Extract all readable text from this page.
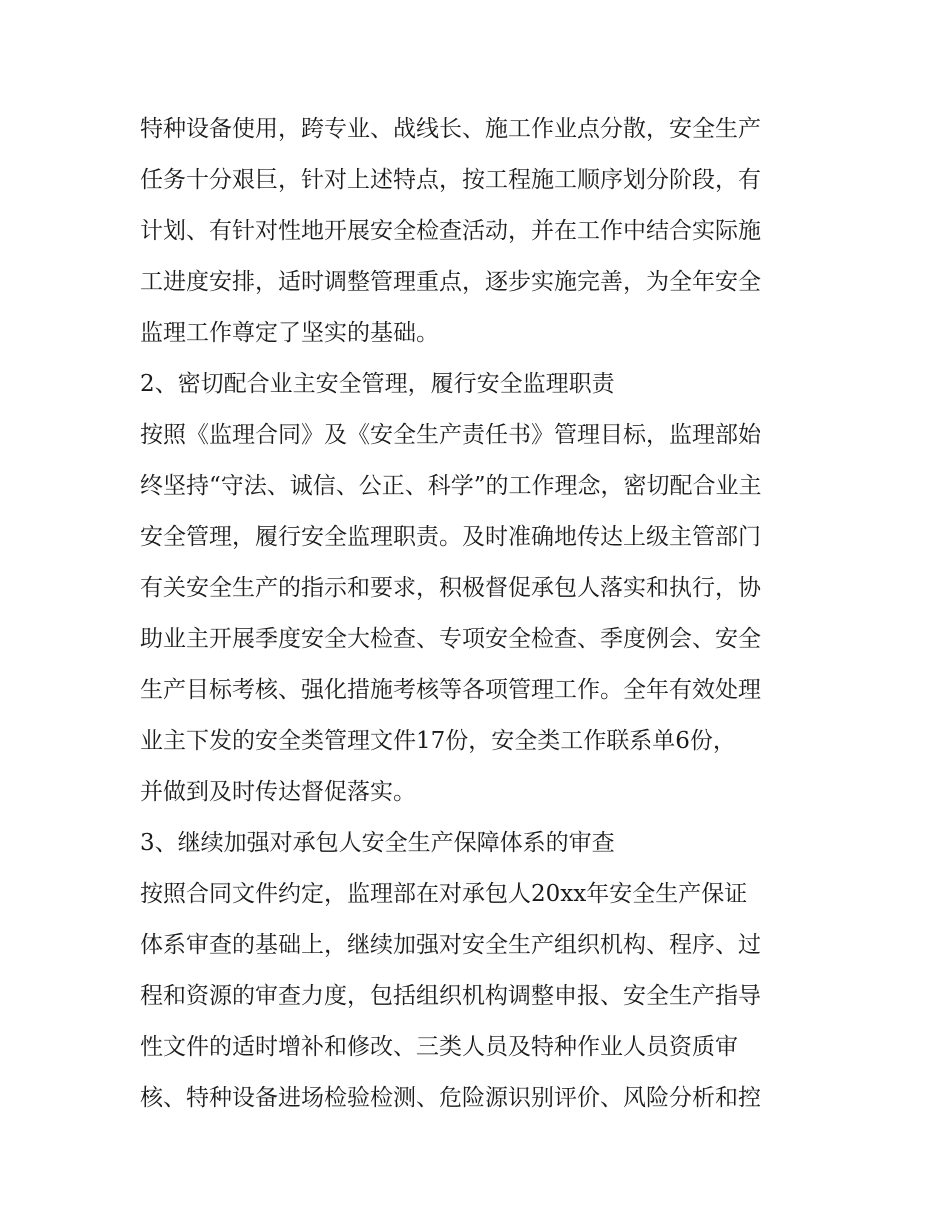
特种设备使用，跨专业、战线长、施工作业点分散，安全生产
任务十分艰巨，针对上述特点，按工程施工顺序划分阶段，有
计划、有针对性地开展安全检查活动，并在工作中结合实际施
工进度安排，适时调整管理重点，逐步实施完善，为全年安全
监理工作尊定了坚实的基础。
2、密切配合业主安全管理，履行安全监理职责
按照《监理合同》及《安全生产责任书》管理目标，监理部始
终坚持“守法、诚信、公正、科学”的工作理念，密切配合业主
安全管理，履行安全监理职责。及时准确地传达上级主管部门
有关安全生产的指示和要求，积极督促承包人落实和执行，协
助业主开展季度安全大检查、专项安全检查、季度例会、安全
生产目标考核、强化措施考核等各项管理工作。全年有效处理
业主下发的安全类管理文件17份，安全类工作联系单6份，
并做到及时传达督促落实。
3、继续加强对承包人安全生产保障体系的审查
按照合同文件约定，监理部在对承包人20xx年安全生产保证
体系审查的基础上，继续加强对安全生产组织机构、程序、过
程和资源的审查力度，包括组织机构调整申报、安全生产指导
性文件的适时增补和修改、三类人员及特种作业人员资质审
核、特种设备进场检验检测、危险源识别评价、风险分析和控
